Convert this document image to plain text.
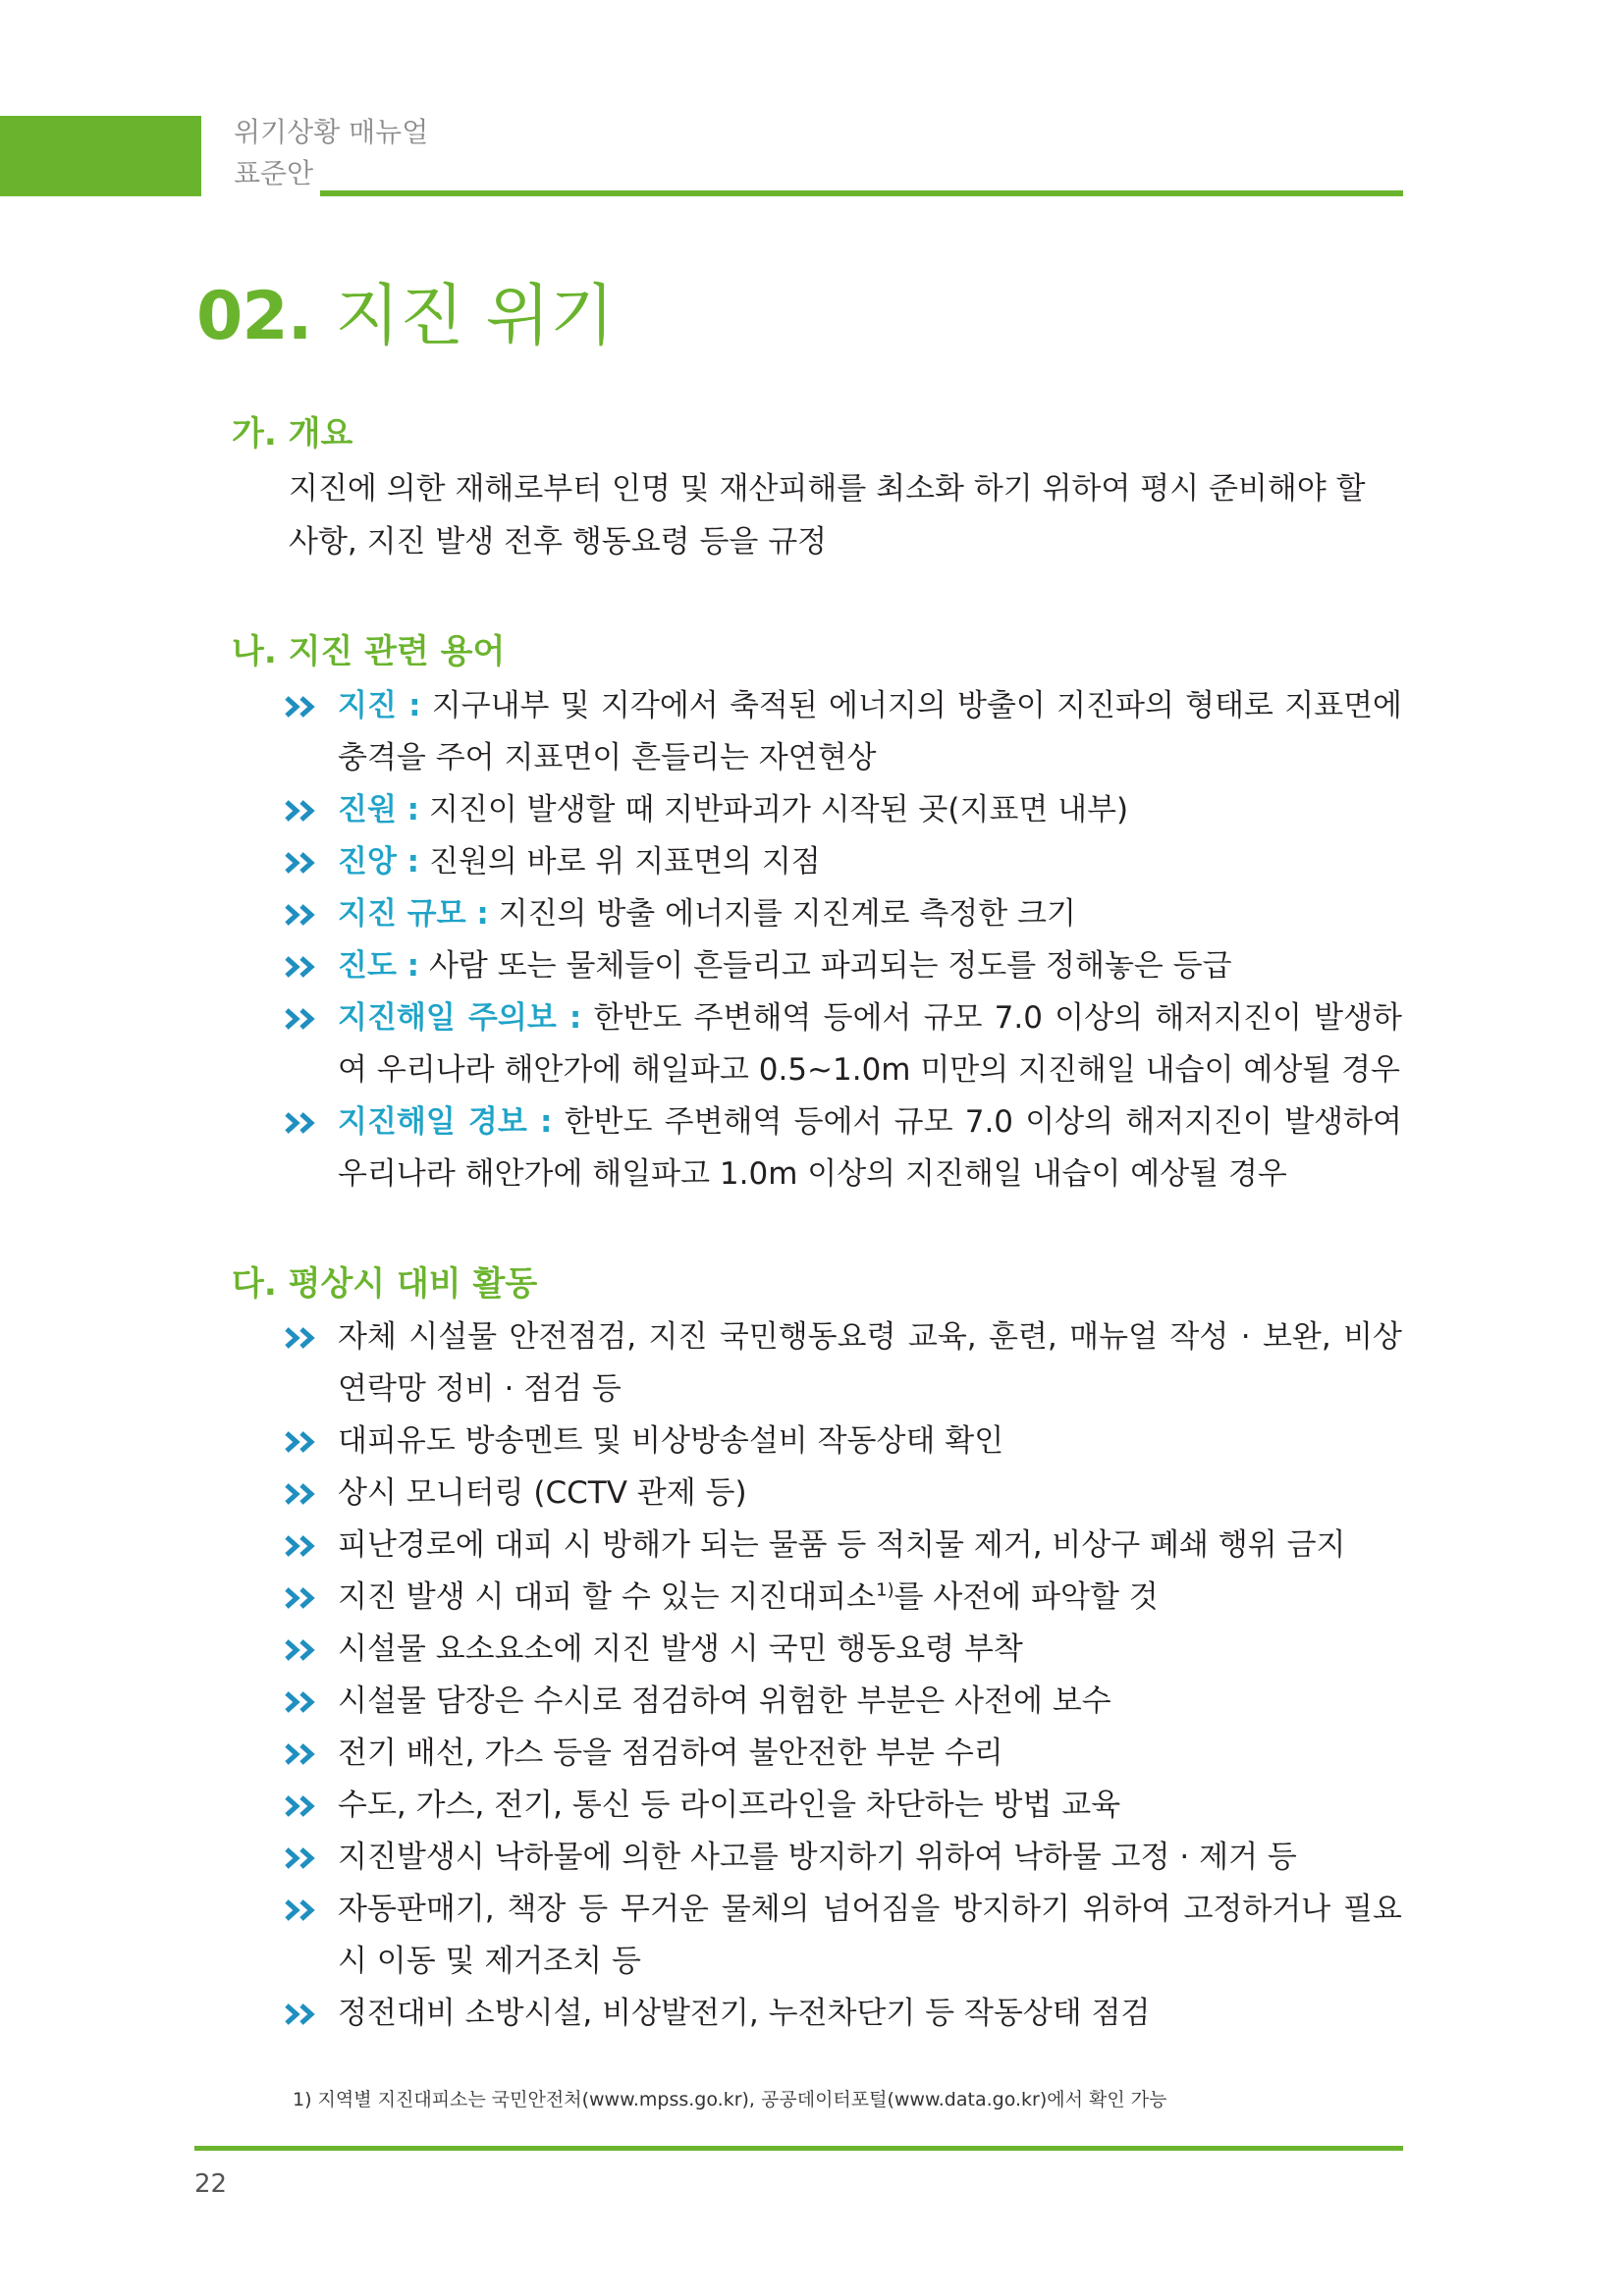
위기상황 매뉴얼
표준안
02. 지진 위기
가. 개요
지진에 의한 재해로부터 인명 및 재산피해를 최소화 하기 위하여 평시 준비해야 할
사항, 지진 발생 전후 행동요령 등을 규정
나. 지진 관련 용어
지진 : 지구내부 및 지각에서 축적된 에너지의 방출이 지진파의 형태로 지표면에 충격을 주어 지표면이 흔들리는 자연현상
진원 : 지진이 발생할 때 지반파괴가 시작된 곳(지표면 내부)
진앙 : 진원의 바로 위 지표면의 지점
지진 규모 : 지진의 방출 에너지를 지진계로 측정한 크기
진도 : 사람 또는 물체들이 흔들리고 파괴되는 정도를 정해놓은 등급
지진해일 주의보 : 한반도 주변해역 등에서 규모 7.0 이상의 해저지진이 발생하여 우리나라 해안가에 해일파고 0.5~1.0m 미만의 지진해일 내습이 예상될 경우
지진해일 경보 : 한반도 주변해역 등에서 규모 7.0 이상의 해저지진이 발생하여 우리나라 해안가에 해일파고 1.0m 이상의 지진해일 내습이 예상될 경우
다. 평상시 대비 활동
자체 시설물 안전점검, 지진 국민행동요령 교육, 훈련, 매뉴얼 작성 · 보완, 비상연락망 정비 · 점검 등
대피유도 방송멘트 및 비상방송설비 작동상태 확인
상시 모니터링 (CCTV 관제 등)
피난경로에 대피 시 방해가 되는 물품 등 적치물 제거, 비상구 폐쇄 행위 금지
지진 발생 시 대피 할 수 있는 지진대피소$^{1)}$를 사전에 파악할 것
시설물 요소요소에 지진 발생 시 국민 행동요령 부착
시설물 담장은 수시로 점검하여 위험한 부분은 사전에 보수
전기 배선, 가스 등을 점검하여 불안전한 부분 수리
수도, 가스, 전기, 통신 등 라이프라인을 차단하는 방법 교육
지진발생시 낙하물에 의한 사고를 방지하기 위하여 낙하물 고정 · 제거 등
자동판매기, 책장 등 무거운 물체의 넘어짐을 방지하기 위하여 고정하거나 필요시 이동 및 제거조치 등
정전대비 소방시설, 비상발전기, 누전차단기 등 작동상태 점검
1) 지역별 지진대피소는 국민안전처(www.mpss.go.kr), 공공데이터포털(www.data.go.kr)에서 확인 가능
22
